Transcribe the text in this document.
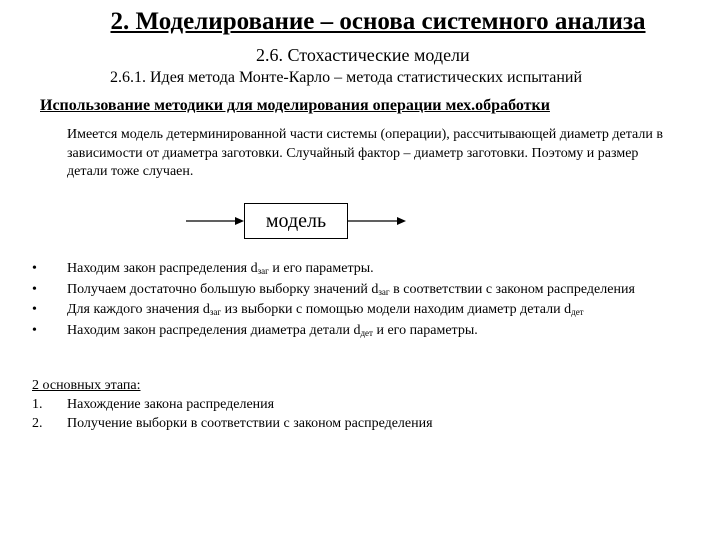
2. Моделирование – основа системного анализа
2.6. Стохастические модели
2.6.1. Идея метода Монте-Карло – метода статистических испытаний
Использование методики для моделирования операции мех.обработки
Имеется модель детерминированной части системы (операции), рассчитывающей диаметр детали в зависимости от диаметра заготовки. Случайный фактор – диаметр заготовки. Поэтому и размер детали тоже случаен.
модель
• Находим закон распределения $d_{заг}$ и его параметры.
• Получаем достаточно большую выборку значений $d_{заг}$ в соответствии с законом распределения
• Для каждого значения $d_{заг}$ из выборки с помощью модели находим диаметр детали $d_{дет}$
• Находим закон распределения диаметра детали $d_{дет}$ и его параметры.
2 основных этапа:
1. Нахождение закона распределения
2. Получение выборки в соответствии с законом распределения
